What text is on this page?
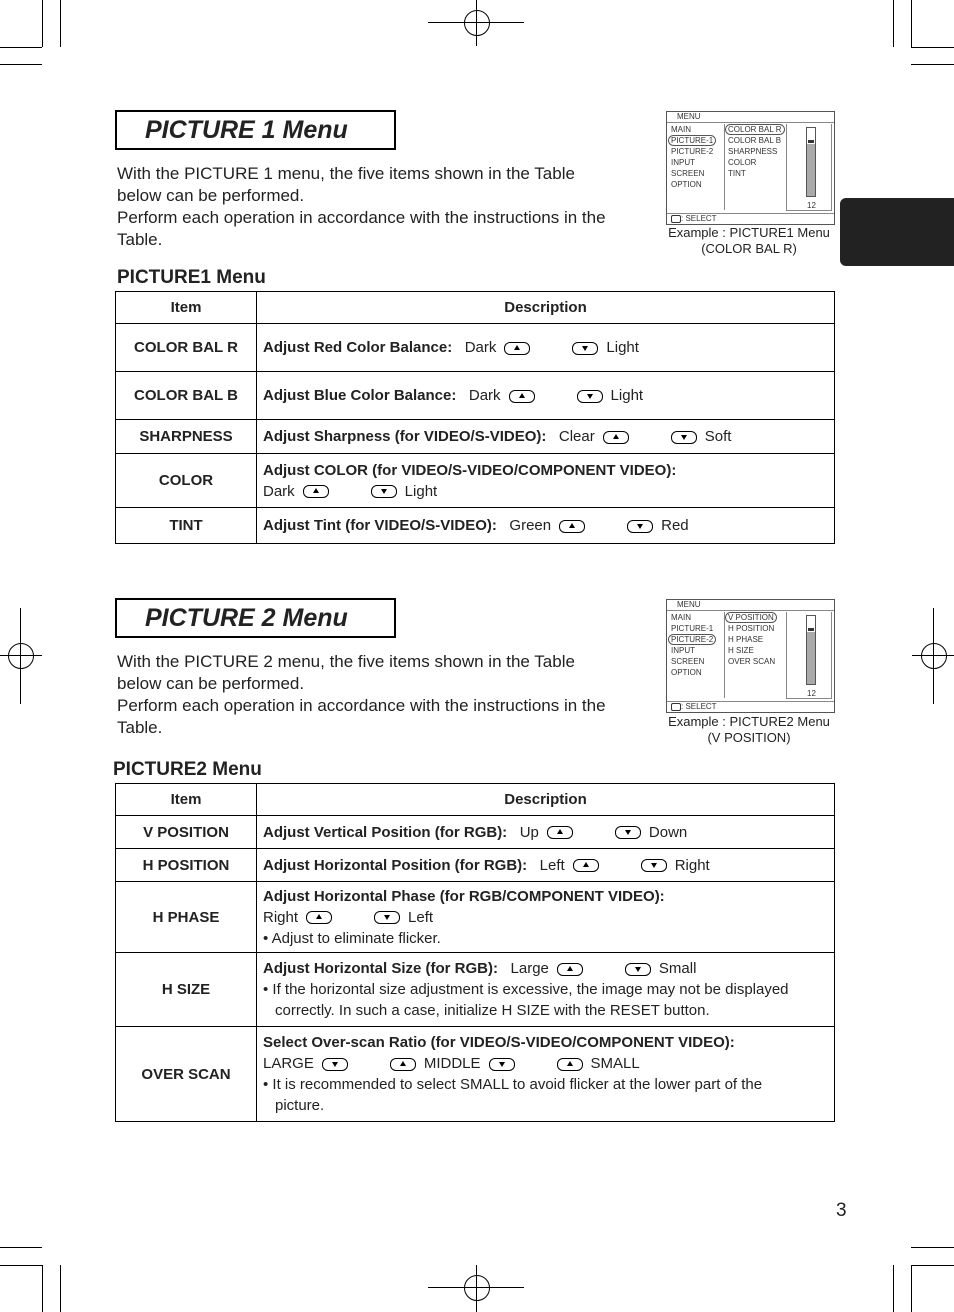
PICTURE 1 Menu
With the PICTURE 1 menu, the five items shown in the Table
below can be performed.
Perform each operation in accordance with the instructions in the
Table.
MENU
MAIN
PICTURE-1
PICTURE-2
INPUT
SCREEN
OPTION
COLOR BAL R
COLOR BAL B
SHARPNESS
COLOR
TINT
12
: SELECT
Example : PICTURE1 Menu
(COLOR BAL R)
PICTURE1 Menu
Item	Description
COLOR BAL R	Adjust Red Color Balance: Dark Light
COLOR BAL B	Adjust Blue Color Balance: Dark Light
SHARPNESS	Adjust Sharpness (for VIDEO/S-VIDEO): Clear Soft
COLOR	Adjust COLOR (for VIDEO/S-VIDEO/COMPONENT VIDEO):
Dark Light

TINT	Adjust Tint (for VIDEO/S-VIDEO): Green Red
PICTURE 2 Menu
With the PICTURE 2 menu, the five items shown in the Table
below can be performed.
Perform each operation in accordance with the instructions in the
Table.
MENU
MAIN
PICTURE-1
PICTURE-2
INPUT
SCREEN
OPTION
V POSITION
H POSITION
H PHASE
H SIZE
OVER SCAN
12
: SELECT
Example : PICTURE2 Menu
(V POSITION)
PICTURE2 Menu
Item	Description
V POSITION	Adjust Vertical Position (for RGB): Up Down
H POSITION	Adjust Horizontal Position (for RGB): Left Right
H PHASE	Adjust Horizontal Phase (for RGB/COMPONENT VIDEO):
Right Left
• Adjust to eliminate flicker.

H SIZE	Adjust Horizontal Size (for RGB): Large Small
• If the horizontal size adjustment is excessive, the image may not be displayed
correctly. In such a case, initialize H SIZE with the RESET button.

OVER SCAN	Select Over-scan Ratio (for VIDEO/S-VIDEO/COMPONENT VIDEO):
LARGE MIDDLE SMALL
• It is recommended to select SMALL to avoid flicker at the lower part of the
picture.
3
